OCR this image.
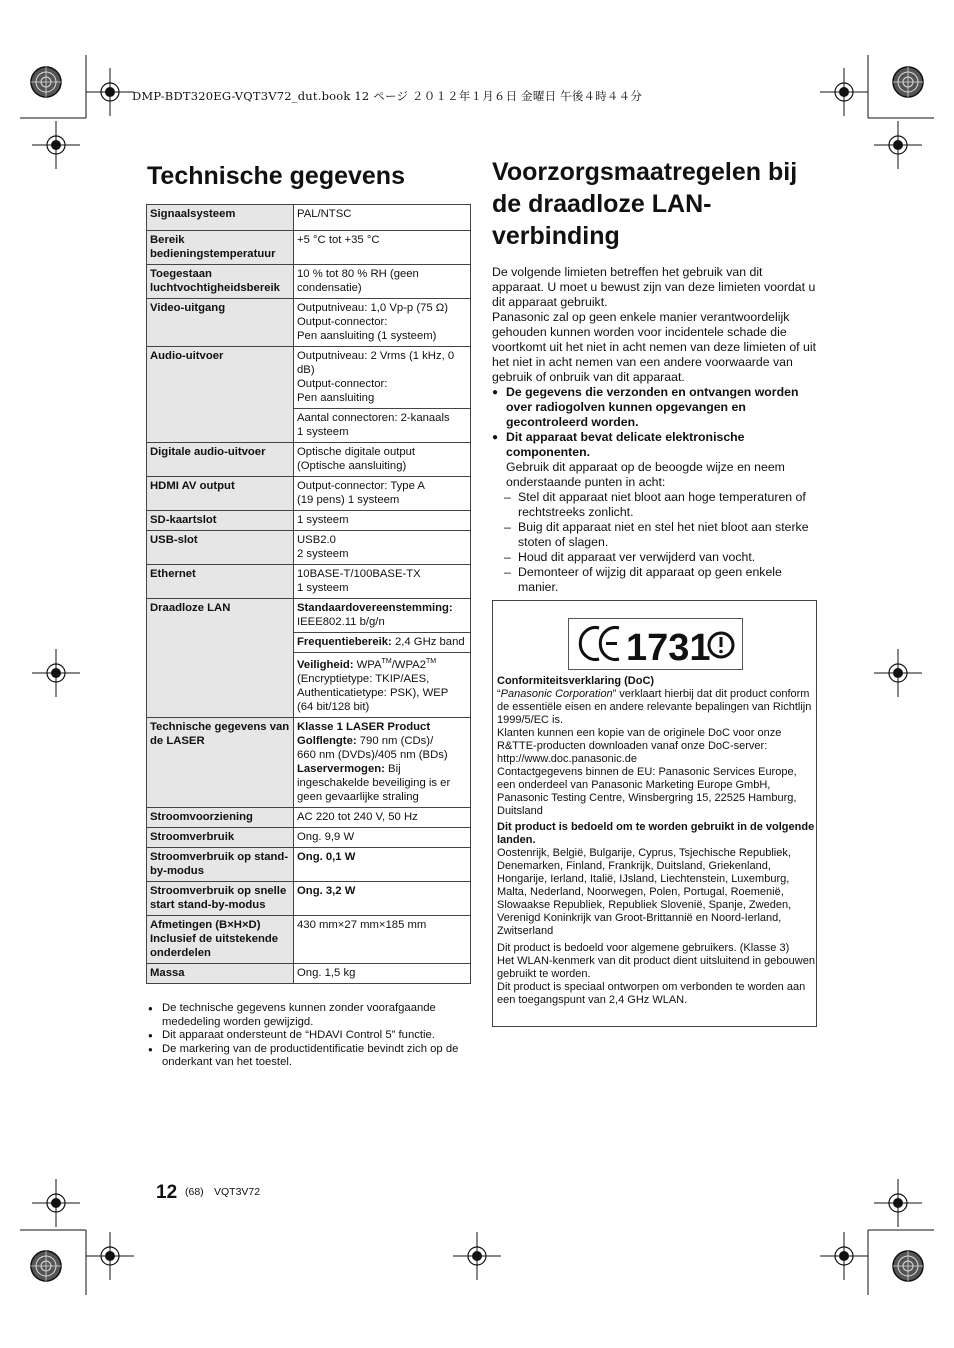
DMP-BDT320EG-VQT3V72_dut.book 12 ページ ２０１２年１月６日 金曜日 午後４時４４分
Technische gegevens
Signaalsysteem	PAL/NTSC
Bereik bedieningstemperatuur	+5 °C tot +35 °C
Toegestaan luchtvochtigheidsbereik	10 % tot 80 % RH (geen condensatie)
Video-uitgang	Outputniveau: 1,0 Vp-p (75 Ω)
Output-connector:
Pen aansluiting (1 systeem)
Audio-uitvoer	Outputniveau: 2 Vrms (1 kHz, 0 dB)
Output-connector:
Pen aansluiting
	Aantal connectoren: 2-kanaals
1 systeem
Digitale audio-uitvoer	Optische digitale output
(Optische aansluiting)
HDMI AV output	Output-connector: Type A
(19 pens) 1 systeem
SD-kaartslot	1 systeem
USB-slot	USB2.0
2 systeem
Ethernet	10BASE-T/100BASE-TX
1 systeem
Draadloze LAN	Standaardovereenstemming:
IEEE802.11 b/g/n
	Frequentiebereik: 2,4 GHz band
	Veiligheid: WPA™/WPA2™
(Encryptietype: TKIP/AES,
Authenticatietype: PSK), WEP
(64 bit/128 bit)
Technische gegevens van de LASER	Klasse 1 LASER Product
Golflengte: 790 nm (CDs)/
660 nm (DVDs)/405 nm (BDs)
Laservermogen: Bij ingeschakelde beveiliging is er geen gevaarlijke straling
Stroomvoorziening	AC 220 tot 240 V, 50 Hz
Stroomverbruik	Ong. 9,9 W
Stroomverbruik op stand-by-modus	Ong. 0,1 W
Stroomverbruik op snelle start stand-by-modus	Ong. 3,2 W
Afmetingen (B×H×D)
Inclusief de uitstekende onderdelen	430 mm×27 mm×185 mm
Massa	Ong. 1,5 kg
● De technische gegevens kunnen zonder voorafgaande mededeling worden gewijzigd.
● Dit apparaat ondersteunt de “HDAVI Control 5” functie.
● De markering van de productidentificatie bevindt zich op de onderkant van het toestel.
Voorzorgsmaatregelen bij de draadloze LAN-verbinding

De volgende limieten betreffen het gebruik van dit apparaat. U moet u bewust zijn van deze limieten voordat u dit apparaat gebruikt.

Panasonic zal op geen enkele manier verantwoordelijk gehouden kunnen worden voor incidentele schade die voortkomt uit het niet in acht nemen van deze limieten of uit het niet in acht nemen van een andere voorwaarde van gebruik of onbruik van dit apparaat.

● De gegevens die verzonden en ontvangen worden over radiogolven kunnen opgevangen en gecontroleerd worden.
● Dit apparaat bevat delicate elektronische componenten.
Gebruik dit apparaat op de beoogde wijze en neem onderstaande punten in acht:
– Stel dit apparaat niet bloot aan hoge temperaturen of rechtstreeks zonlicht.
– Buig dit apparaat niet en stel het niet bloot aan sterke stoten of slagen.
– Houd dit apparaat ver verwijderd van vocht.
– Demonteer of wijzig dit apparaat op geen enkele manier.
1731

Conformiteitsverklaring (DoC)

“Panasonic Corporation” verklaart hierbij dat dit product conform de essentiële eisen en andere relevante bepalingen van Richtlijn 1999/5/EC is.

Klanten kunnen een kopie van de originele DoC voor onze R&TTE-producten downloaden vanaf onze DoC-server:

http://www.doc.panasonic.de

Contactgegevens binnen de EU: Panasonic Services Europe, een onderdeel van Panasonic Marketing Europe GmbH,

Panasonic Testing Centre, Winsbergring 15, 22525 Hamburg, Duitsland

Dit product is bedoeld om te worden gebruikt in de volgende landen.

Oostenrijk, België, Bulgarije, Cyprus, Tsjechische Republiek, Denemarken, Finland, Frankrijk, Duitsland, Griekenland, Hongarije, Ierland, Italië, IJsland, Liechtenstein, Luxemburg, Malta, Nederland, Noorwegen, Polen, Portugal, Roemenië, Slowaakse Republiek, Republiek Slovenië, Spanje, Zweden, Verenigd Koninkrijk van Groot-Brittannië en Noord-Ierland, Zwitserland

Dit product is bedoeld voor algemene gebruikers. (Klasse 3)

Het WLAN-kenmerk van dit product dient uitsluitend in gebouwen gebruikt te worden.

Dit product is speciaal ontworpen om verbonden te worden aan een toegangspunt van 2,4 GHz WLAN.

12 (68) VQT3V72
